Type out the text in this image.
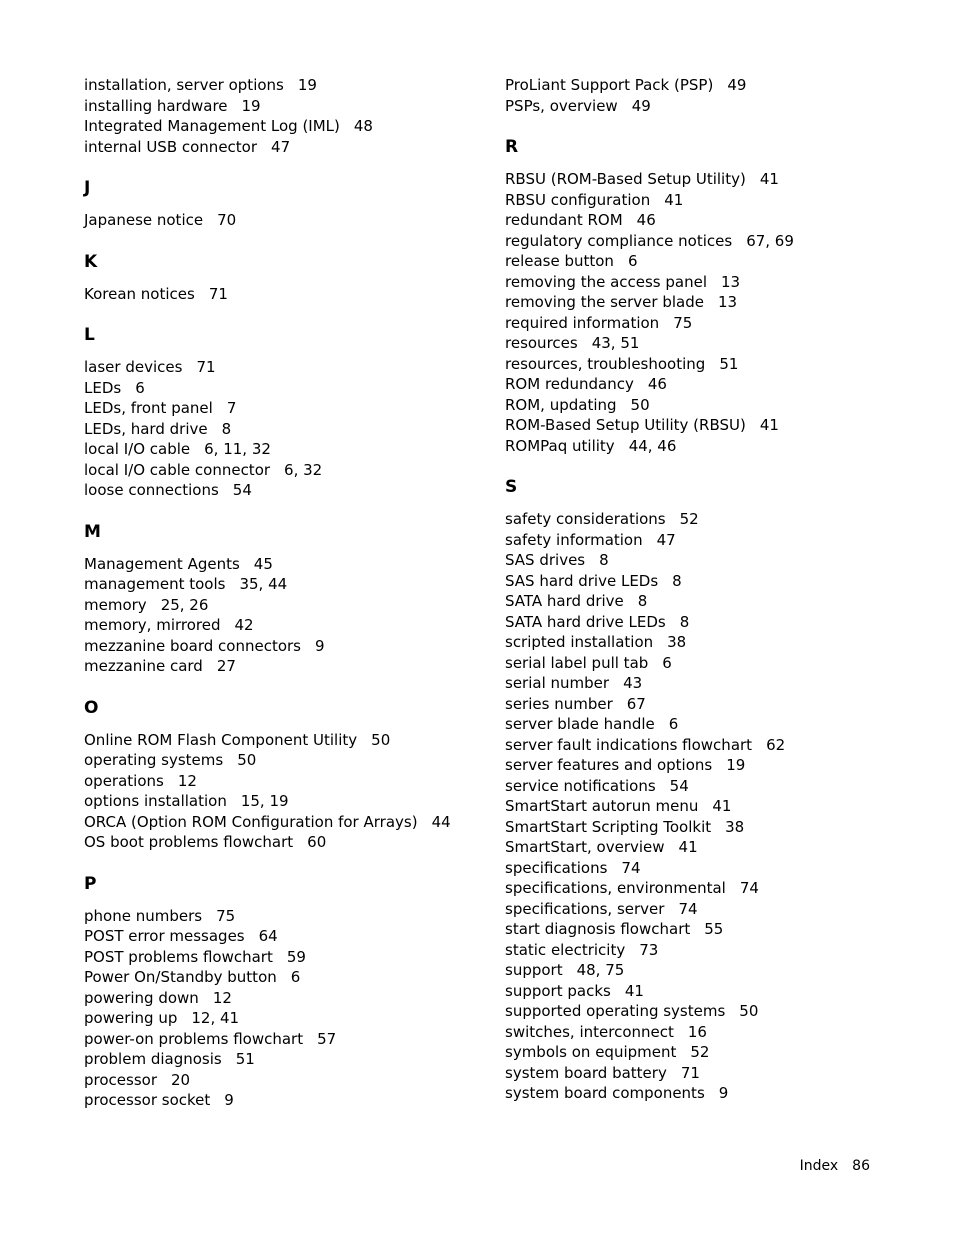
installation, server options 19
installing hardware 19
Integrated Management Log (IML) 48
internal USB connector 47
J
Japanese notice 70
K
Korean notices 71
L
laser devices 71
LEDs 6
LEDs, front panel 7
LEDs, hard drive 8
local I/O cable 6, 11, 32
local I/O cable connector 6, 32
loose connections 54
M
Management Agents 45
management tools 35, 44
memory 25, 26
memory, mirrored 42
mezzanine board connectors 9
mezzanine card 27
O
Online ROM Flash Component Utility 50
operating systems 50
operations 12
options installation 15, 19
ORCA (Option ROM Configuration for Arrays) 44
OS boot problems flowchart 60
P
phone numbers 75
POST error messages 64
POST problems flowchart 59
Power On/Standby button 6
powering down 12
powering up 12, 41
power-on problems flowchart 57
problem diagnosis 51
processor 20
processor socket 9
ProLiant Support Pack (PSP) 49
PSPs, overview 49
R
RBSU (ROM-Based Setup Utility) 41
RBSU configuration 41
redundant ROM 46
regulatory compliance notices 67, 69
release button 6
removing the access panel 13
removing the server blade 13
required information 75
resources 43, 51
resources, troubleshooting 51
ROM redundancy 46
ROM, updating 50
ROM-Based Setup Utility (RBSU) 41
ROMPaq utility 44, 46
S
safety considerations 52
safety information 47
SAS drives 8
SAS hard drive LEDs 8
SATA hard drive 8
SATA hard drive LEDs 8
scripted installation 38
serial label pull tab 6
serial number 43
series number 67
server blade handle 6
server fault indications flowchart 62
server features and options 19
service notifications 54
SmartStart autorun menu 41
SmartStart Scripting Toolkit 38
SmartStart, overview 41
specifications 74
specifications, environmental 74
specifications, server 74
start diagnosis flowchart 55
static electricity 73
support 48, 75
support packs 41
supported operating systems 50
switches, interconnect 16
symbols on equipment 52
system board battery 71
system board components 9
Index 86
